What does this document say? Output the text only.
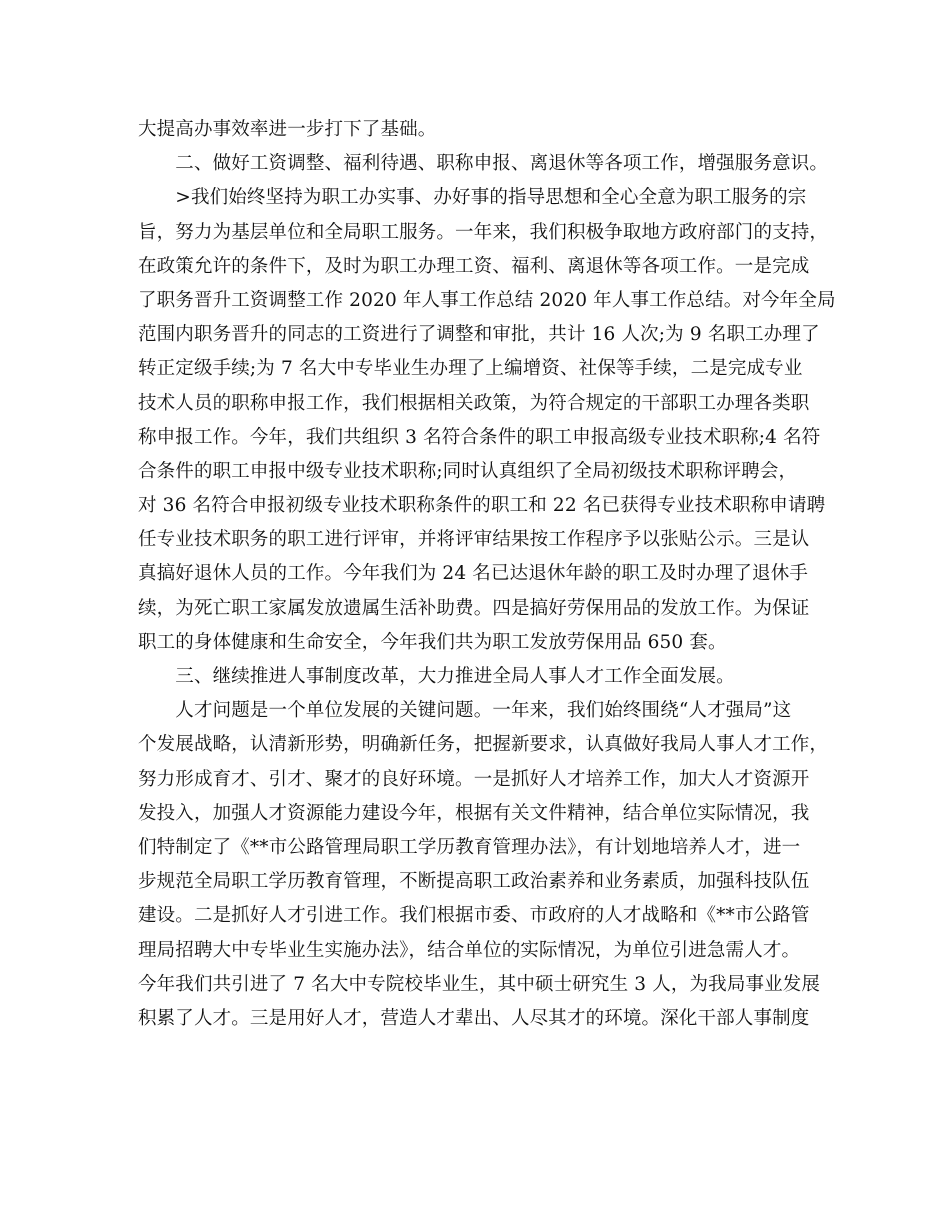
大提高办事效率进一步打下了基础。
　　二、做好工资调整、福利待遇、职称申报、离退休等各项工作，增强服务意识。
　　>我们始终坚持为职工办实事、办好事的指导思想和全心全意为职工服务的宗
旨，努力为基层单位和全局职工服务。一年来，我们积极争取地方政府部门的支持，
在政策允许的条件下，及时为职工办理工资、福利、离退休等各项工作。一是完成
了职务晋升工资调整工作 2020 年人事工作总结 2020 年人事工作总结。对今年全局
范围内职务晋升的同志的工资进行了调整和审批，共计 16 人次;为 9 名职工办理了
转正定级手续;为 7 名大中专毕业生办理了上编增资、社保等手续，二是完成专业
技术人员的职称申报工作，我们根据相关政策，为符合规定的干部职工办理各类职
称申报工作。今年，我们共组织 3 名符合条件的职工申报高级专业技术职称;4 名符
合条件的职工申报中级专业技术职称;同时认真组织了全局初级技术职称评聘会，
对 36 名符合申报初级专业技术职称条件的职工和 22 名已获得专业技术职称申请聘
任专业技术职务的职工进行评审，并将评审结果按工作程序予以张贴公示。三是认
真搞好退休人员的工作。今年我们为 24 名已达退休年龄的职工及时办理了退休手
续，为死亡职工家属发放遗属生活补助费。四是搞好劳保用品的发放工作。为保证
职工的身体健康和生命安全，今年我们共为职工发放劳保用品 650 套。
　　三、继续推进人事制度改革，大力推进全局人事人才工作全面发展。
　　人才问题是一个单位发展的关键问题。一年来，我们始终围绕“人才强局”这
个发展战略，认清新形势，明确新任务，把握新要求，认真做好我局人事人才工作，
努力形成育才、引才、聚才的良好环境。一是抓好人才培养工作，加大人才资源开
发投入，加强人才资源能力建设今年，根据有关文件精神，结合单位实际情况，我
们特制定了《**市公路管理局职工学历教育管理办法》，有计划地培养人才，进一
步规范全局职工学历教育管理，不断提高职工政治素养和业务素质，加强科技队伍
建设。二是抓好人才引进工作。我们根据市委、市政府的人才战略和《**市公路管
理局招聘大中专毕业生实施办法》，结合单位的实际情况，为单位引进急需人才。
今年我们共引进了 7 名大中专院校毕业生，其中硕士研究生 3 人，为我局事业发展
积累了人才。三是用好人才，营造人才辈出、人尽其才的环境。深化干部人事制度
